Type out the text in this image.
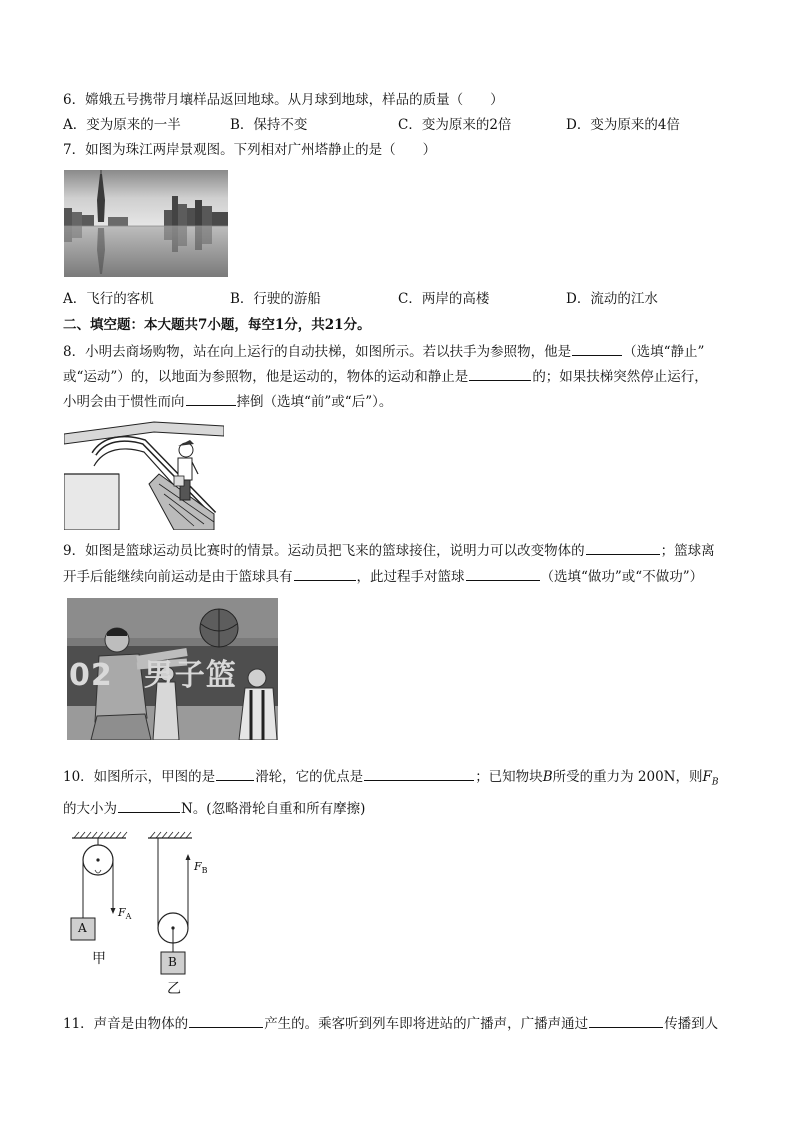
6．嫦娥五号携带月壤样品返回地球。从月球到地球，样品的质量（　　）
A．变为原来的一半	B．保持不变	C．变为原来的2倍	D．变为原来的4倍
7．如图为珠江两岸景观图。下列相对广州塔静止的是（　　）
A．飞行的客机	B．行驶的游船	C．两岸的高楼	D．流动的江水
二、填空题：本大题共7小题，每空1分，共21分。
8．小明去商场购物，站在向上运行的自动扶梯，如图所示。若以扶手为参照物，他是	（选填“静止”
或“运动”）的，以地面为参照物，他是运动的，物体的运动和静止是	的；如果扶梯突然停止运行，
小明会由于惯性而向	摔倒（选填“前”或“后”）。
9．如图是篮球运动员比赛时的情景。运动员把飞来的篮球接住，说明力可以改变物体的	；篮球离
开手后能继续向前运动是由于篮球具有	，此过程手对篮球	（选填“做功”或“不做功”）
02　男子篮
10．如图所示，甲图的是	滑轮，它的优点是	；已知物块B所受的重力为 200N，则$F_B$
的大小为	N。(忽略滑轮自重和所有摩擦)
A
$F_A$
甲	B
$F_B$
乙
11．声音是由物体的	产生的。乘客听到列车即将进站的广播声，广播声通过	传播到人
